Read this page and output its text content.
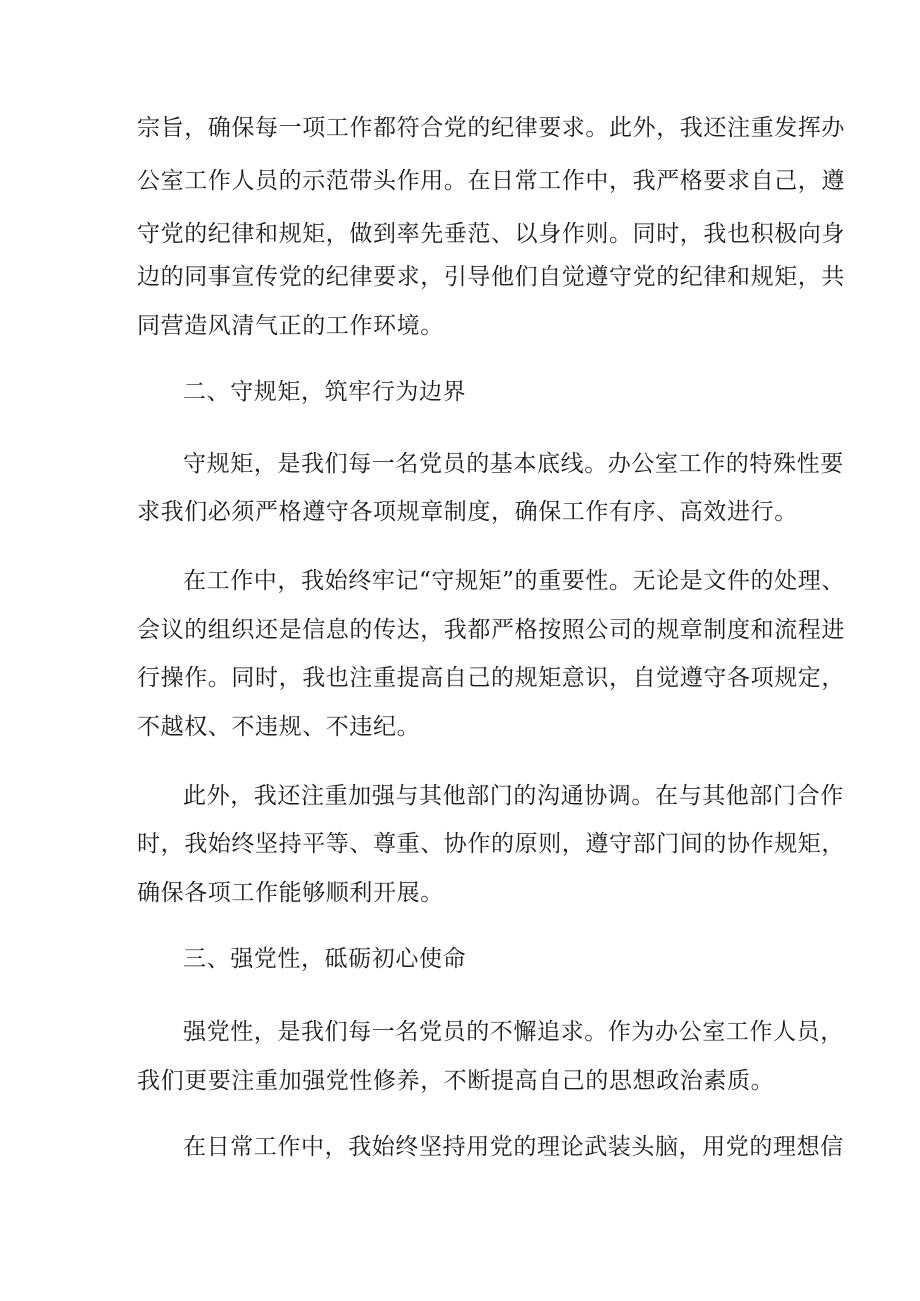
宗旨，确保每一项工作都符合党的纪律要求。此外，我还注重发挥办
公室工作人员的示范带头作用。在日常工作中，我严格要求自己，遵
守党的纪律和规矩，做到率先垂范、以身作则。同时，我也积极向身
边的同事宣传党的纪律要求，引导他们自觉遵守党的纪律和规矩，共
同营造风清气正的工作环境。
二、守规矩，筑牢行为边界
守规矩，是我们每一名党员的基本底线。办公室工作的特殊性要
求我们必须严格遵守各项规章制度，确保工作有序、高效进行。
在工作中，我始终牢记“守规矩”的重要性。无论是文件的处理、
会议的组织还是信息的传达，我都严格按照公司的规章制度和流程进
行操作。同时，我也注重提高自己的规矩意识，自觉遵守各项规定，
不越权、不违规、不违纪。
此外，我还注重加强与其他部门的沟通协调。在与其他部门合作
时，我始终坚持平等、尊重、协作的原则，遵守部门间的协作规矩，
确保各项工作能够顺利开展。
三、强党性，砥砺初心使命
强党性，是我们每一名党员的不懈追求。作为办公室工作人员，
我们更要注重加强党性修养，不断提高自己的思想政治素质。
在日常工作中，我始终坚持用党的理论武装头脑，用党的理想信
